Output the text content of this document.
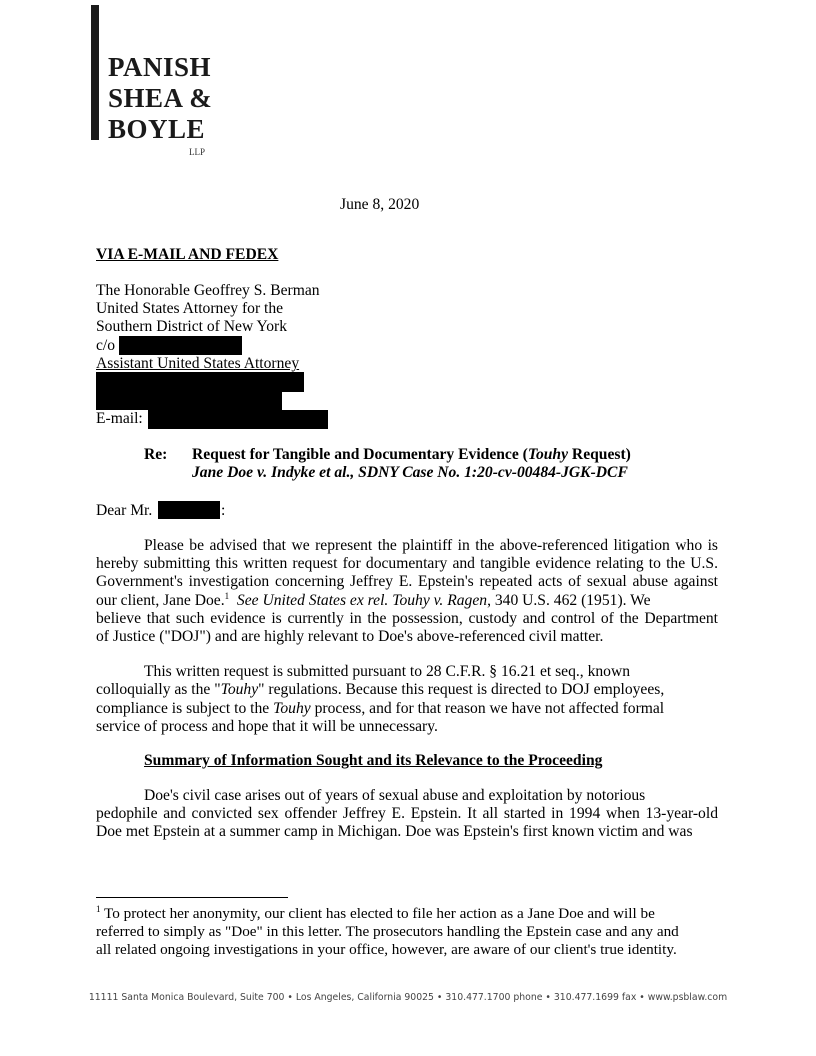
PANISH
SHEA &
BOYLE
LLP
June 8, 2020
VIA E-MAIL AND FEDEX
The Honorable Geoffrey S. Berman
United States Attorney for the
Southern District of New York
c/o
Assistant United States Attorney
E-mail:
Re: Request for Tangible and Documentary Evidence (Touhy Request)
Jane Doe v. Indyke et al., SDNY Case No. 1:20-cv-00484-JGK-DCF
Dear Mr.	:
Please be advised that we represent the plaintiff in the above-referenced litigation who is
hereby submitting this written request for documentary and tangible evidence relating to the U.S.
Government's investigation concerning Jeffrey E. Epstein's repeated acts of sexual abuse against
our client, Jane Doe.$^1$ See United States ex rel. Touhy v. Ragen, 340 U.S. 462 (1951). We
believe that such evidence is currently in the possession, custody and control of the Department
of Justice ("DOJ") and are highly relevant to Doe's above-referenced civil matter.
This written request is submitted pursuant to 28 C.F.R. § 16.21 et seq., known
colloquially as the "Touhy" regulations. Because this request is directed to DOJ employees,
compliance is subject to the Touhy process, and for that reason we have not affected formal
service of process and hope that it will be unnecessary.
Summary of Information Sought and its Relevance to the Proceeding
Doe's civil case arises out of years of sexual abuse and exploitation by notorious
pedophile and convicted sex offender Jeffrey E. Epstein. It all started in 1994 when 13-year-old
Doe met Epstein at a summer camp in Michigan. Doe was Epstein's first known victim and was
$^1$ To protect her anonymity, our client has elected to file her action as a Jane Doe and will be
referred to simply as "Doe" in this letter. The prosecutors handling the Epstein case and any and
all related ongoing investigations in your office, however, are aware of our client's true identity.
11111 Santa Monica Boulevard, Suite 700 • Los Angeles, California 90025 • 310.477.1700 phone • 310.477.1699 fax • www.psblaw.com
